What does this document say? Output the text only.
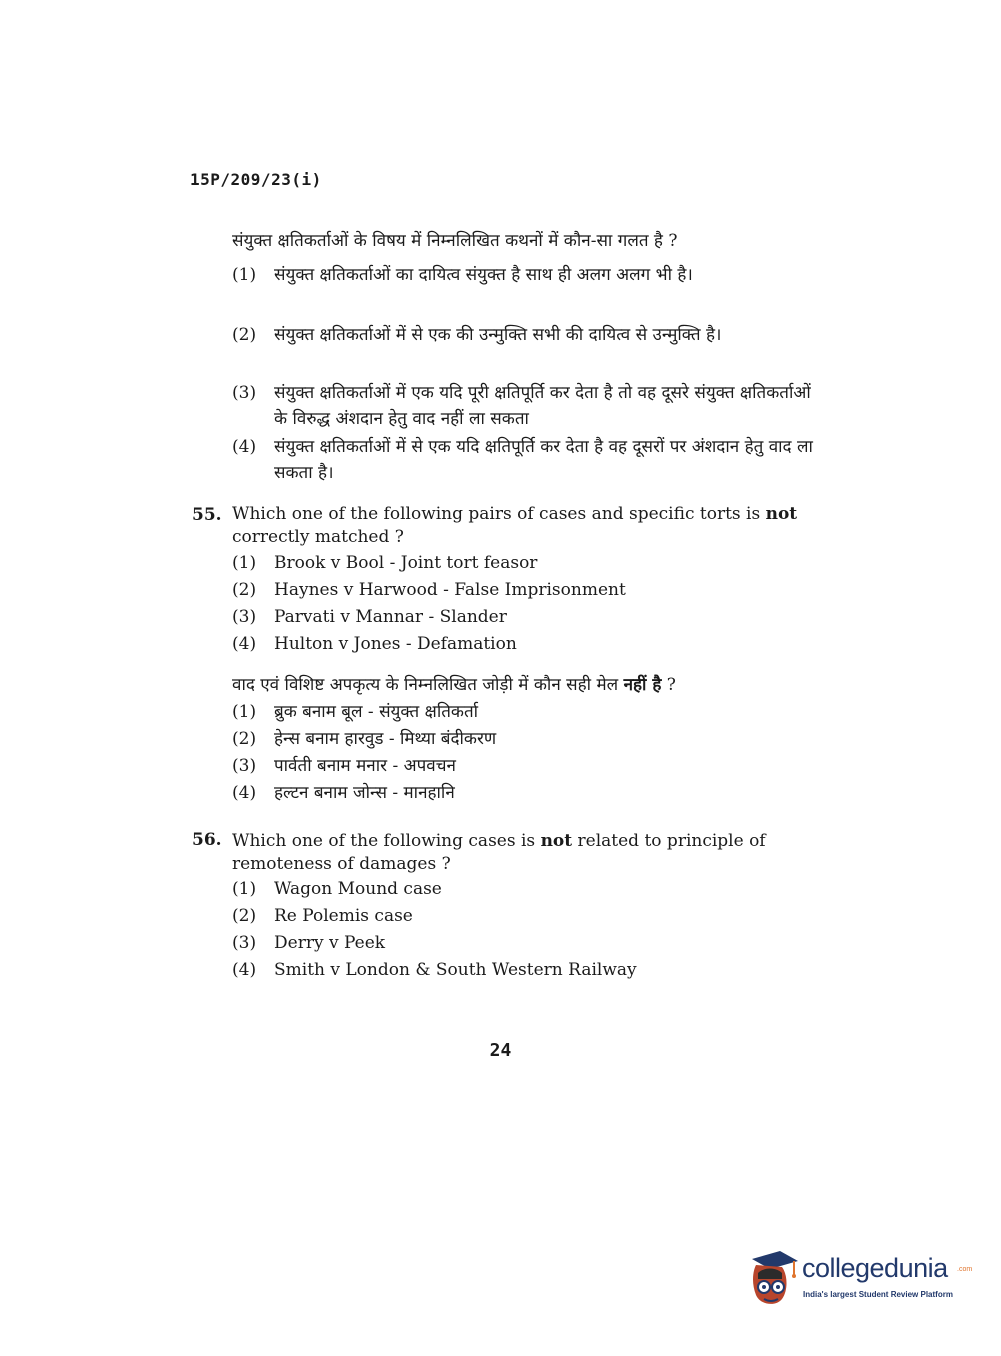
15P/209/23(i)
संयुक्त क्षतिकर्ताओं के विषय में निम्नलिखित कथनों में कौन-सा गलत है ?
(1)	संयुक्त क्षतिकर्ताओं का दायित्व संयुक्त है साथ ही अलग अलग भी है।
(2)	संयुक्त क्षतिकर्ताओं में से एक की उन्मुक्ति सभी की दायित्व से उन्मुक्ति है।
(3)	संयुक्त क्षतिकर्ताओं में एक यदि पूरी क्षतिपूर्ति कर देता है तो वह दूसरे संयुक्त क्षतिकर्ताओं के विरुद्ध अंशदान हेतु वाद नहीं ला सकता
(4)	संयुक्त क्षतिकर्ताओं में से एक यदि क्षतिपूर्ति कर देता है वह दूसरों पर अंशदान हेतु वाद ला सकता है।
55. Which one of the following pairs of cases and specific torts is not correctly matched ?
(1)	Brook v Bool - Joint tort feasor
(2)	Haynes v Harwood - False Imprisonment
(3)	Parvati v Mannar - Slander
(4)	Hulton v Jones - Defamation
वाद एवं विशिष्ट अपकृत्य के निम्नलिखित जोड़ी में कौन सही मेल नहीं है ?
(1)	ब्रुक बनाम बूल - संयुक्त क्षतिकर्ता
(2)	हेन्स बनाम हारवुड - मिथ्या बंदीकरण
(3)	पार्वती बनाम मनार - अपवचन
(4)	हल्टन बनाम जोन्स - मानहानि
56. Which one of the following cases is not related to principle of remoteness of damages ?
(1)	Wagon Mound case
(2)	Re Polemis case
(3)	Derry v Peek
(4)	Smith v London & South Western Railway
24
collegedunia .com
India's largest Student Review Platform
